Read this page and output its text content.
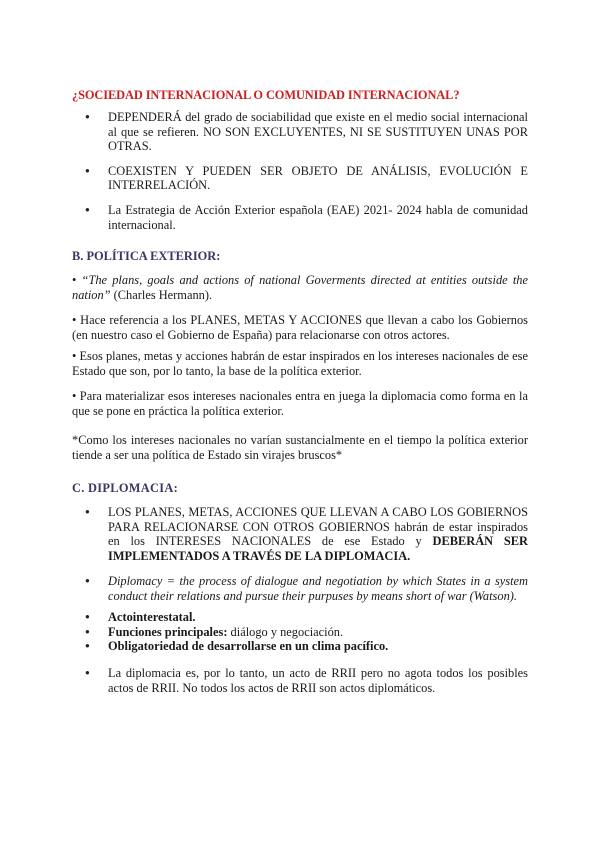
¿SOCIEDAD INTERNACIONAL O COMUNIDAD INTERNACIONAL?

● DEPENDERÁ del grado de sociabilidad que existe en el medio social internacional al que se refieren. NO SON EXCLUYENTES, NI SE SUSTITUYEN UNAS POR OTRAS.
● COEXISTEN Y PUEDEN SER OBJETO DE ANÁLISIS, EVOLUCIÓN E INTERRELACIÓN.
● La Estrategia de Acción Exterior española (EAE) 2021- 2024 habla de comunidad internacional.

B. POLÍTICA EXTERIOR:

• “The plans, goals and actions of national Goverments directed at entities outside the nation” (Charles Hermann).

• Hace referencia a los PLANES, METAS Y ACCIONES que llevan a cabo los Gobiernos (en nuestro caso el Gobierno de España) para relacionarse con otros actores.

• Esos planes, metas y acciones habrán de estar inspirados en los intereses nacionales de ese Estado que son, por lo tanto, la base de la política exterior.

• Para materializar esos intereses nacionales entra en juega la diplomacia como forma en la que se pone en práctica la política exterior.

*Como los intereses nacionales no varían sustancialmente en el tiempo la política exterior tiende a ser una política de Estado sin virajes bruscos*

C. DIPLOMACIA:

● LOS PLANES, METAS, ACCIONES QUE LLEVAN A CABO LOS GOBIERNOS PARA RELACIONARSE CON OTROS GOBIERNOS habrán de estar inspirados en los INTERESES NACIONALES de ese Estado y DEBERÁN SER IMPLEMENTADOS A TRAVÉS DE LA DIPLOMACIA.
● Diplomacy = the process of dialogue and negotiation by which States in a system conduct their relations and pursue their purpuses by means short of war (Watson).
● Actointerestatal.
● Funciones principales: diálogo y negociación.
● Obligatoriedad de desarrollarse en un clima pacífico.
● La diplomacia es, por lo tanto, un acto de RRII pero no agota todos los posibles actos de RRII. No todos los actos de RRII son actos diplomáticos.
